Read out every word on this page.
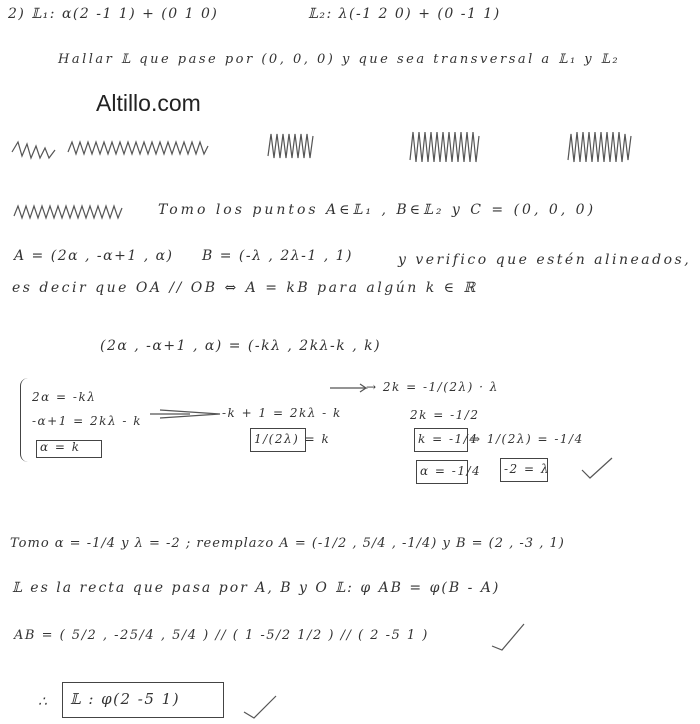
2) 𝕃₁: α(2 -1 1) + (0 1 0)	𝕃₂: λ(-1 2 0) + (0 -1 1)
Hallar 𝕃 que pase por (0, 0, 0) y que sea transversal a 𝕃₁ y 𝕃₂
Altillo.com
Tomo los puntos A∈𝕃₁ , B∈𝕃₂ y C = (0, 0, 0)
A = (2α , -α+1 , α) B = (-λ , 2λ-1 , 1)	y verifico que estén alineados,
es decir que OA // OB ⇔ A = kB para algún k ∈ ℝ
(2α , -α+1 , α) = (-kλ , 2kλ-k , k)
2α = -kλ
-α+1 = 2kλ - k
α = k
-k + 1 = 2kλ - k
1/(2λ) = k
→ 2k = -1/(2λ) · λ
2k = -1/2
k = -1/4
⇒ 1/(2λ) = -1/4
α = -1/4 -2 = λ
Tomo α = -1/4 y λ = -2 ; reemplazo A = (-1/2 , 5/4 , -1/4) y B = (2 , -3 , 1)
𝕃 es la recta que pasa por A, B y O 𝕃: φ AB = φ(B - A)
AB = ( 5/2 , -25/4 , 5/4 ) // ( 1 -5/2 1/2 ) // ( 2 -5 1 )
∴ 𝕃 : φ(2 -5 1)
